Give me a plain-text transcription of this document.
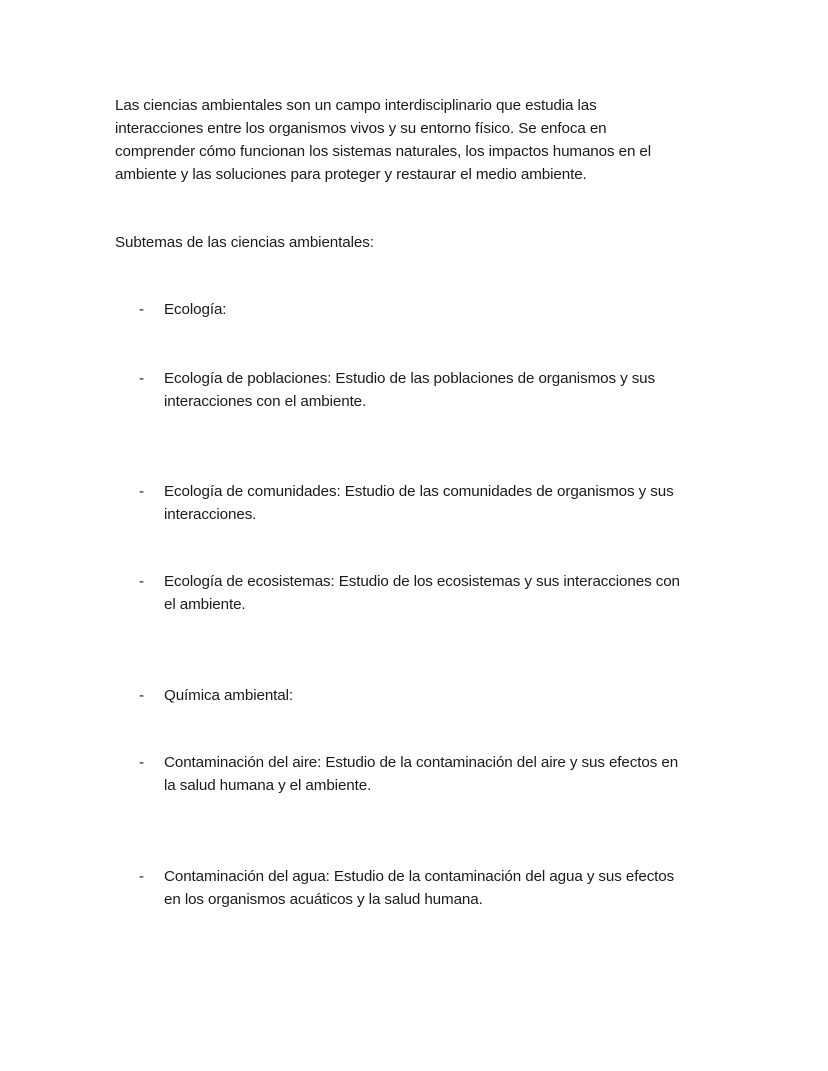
Las ciencias ambientales son un campo interdisciplinario que estudia las
interacciones entre los organismos vivos y su entorno físico. Se enfoca en
comprender cómo funcionan los sistemas naturales, los impactos humanos en el
ambiente y las soluciones para proteger y restaurar el medio ambiente.
Subtemas de las ciencias ambientales:
- Ecología:
- Ecología de poblaciones: Estudio de las poblaciones de organismos y sus
interacciones con el ambiente.
- Ecología de comunidades: Estudio de las comunidades de organismos y sus
interacciones.
- Ecología de ecosistemas: Estudio de los ecosistemas y sus interacciones con
el ambiente.
- Química ambiental:
- Contaminación del aire: Estudio de la contaminación del aire y sus efectos en
la salud humana y el ambiente.
- Contaminación del agua: Estudio de la contaminación del agua y sus efectos
en los organismos acuáticos y la salud humana.
